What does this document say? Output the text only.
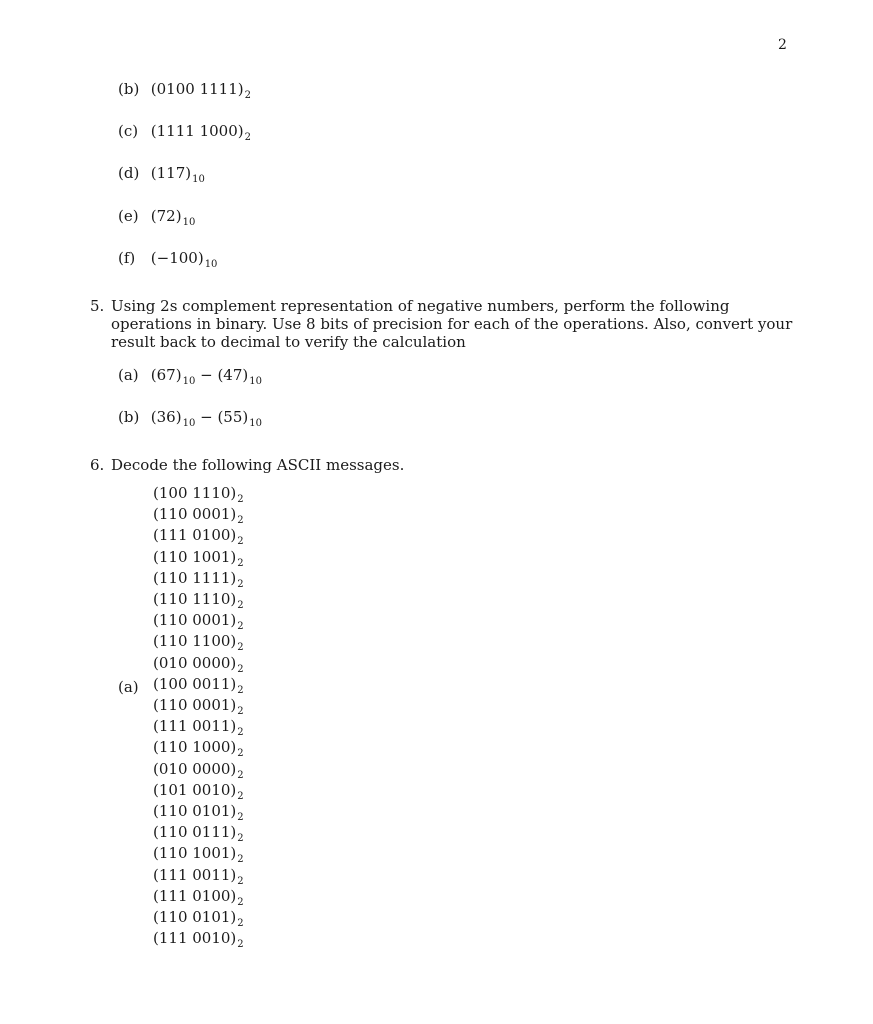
2
(b) (0100 $1111)_2$
(c) (1111 $1000)_2$
(d) $(117)_{10}$
(e) $(72)_{10}$
(f) $(-100)_{10}$
5. Using 2s complement representation of negative numbers, perform the following operations in binary. Use 8 bits of precision for each of the operations. Also, convert your result back to decimal to verify the calculation
(a) $(67)_{10} - (47)_{10}$
(b) $(36)_{10} - (55)_{10}$
6. Decode the following ASCII messages.
(a)
(100 $1110)_2$
(110 $0001)_2$
(111 $0100)_2$
(110 $1001)_2$
(110 $1111)_2$
(110 $1110)_2$
(110 $0001)_2$
(110 $1100)_2$
(010 $0000)_2$
(100 $0011)_2$
(110 $0001)_2$
(111 $0011)_2$
(110 $1000)_2$
(010 $0000)_2$
(101 $0010)_2$
(110 $0101)_2$
(110 $0111)_2$
(110 $1001)_2$
(111 $0011)_2$
(111 $0100)_2$
(110 $0101)_2$
(111 $0010)_2$
